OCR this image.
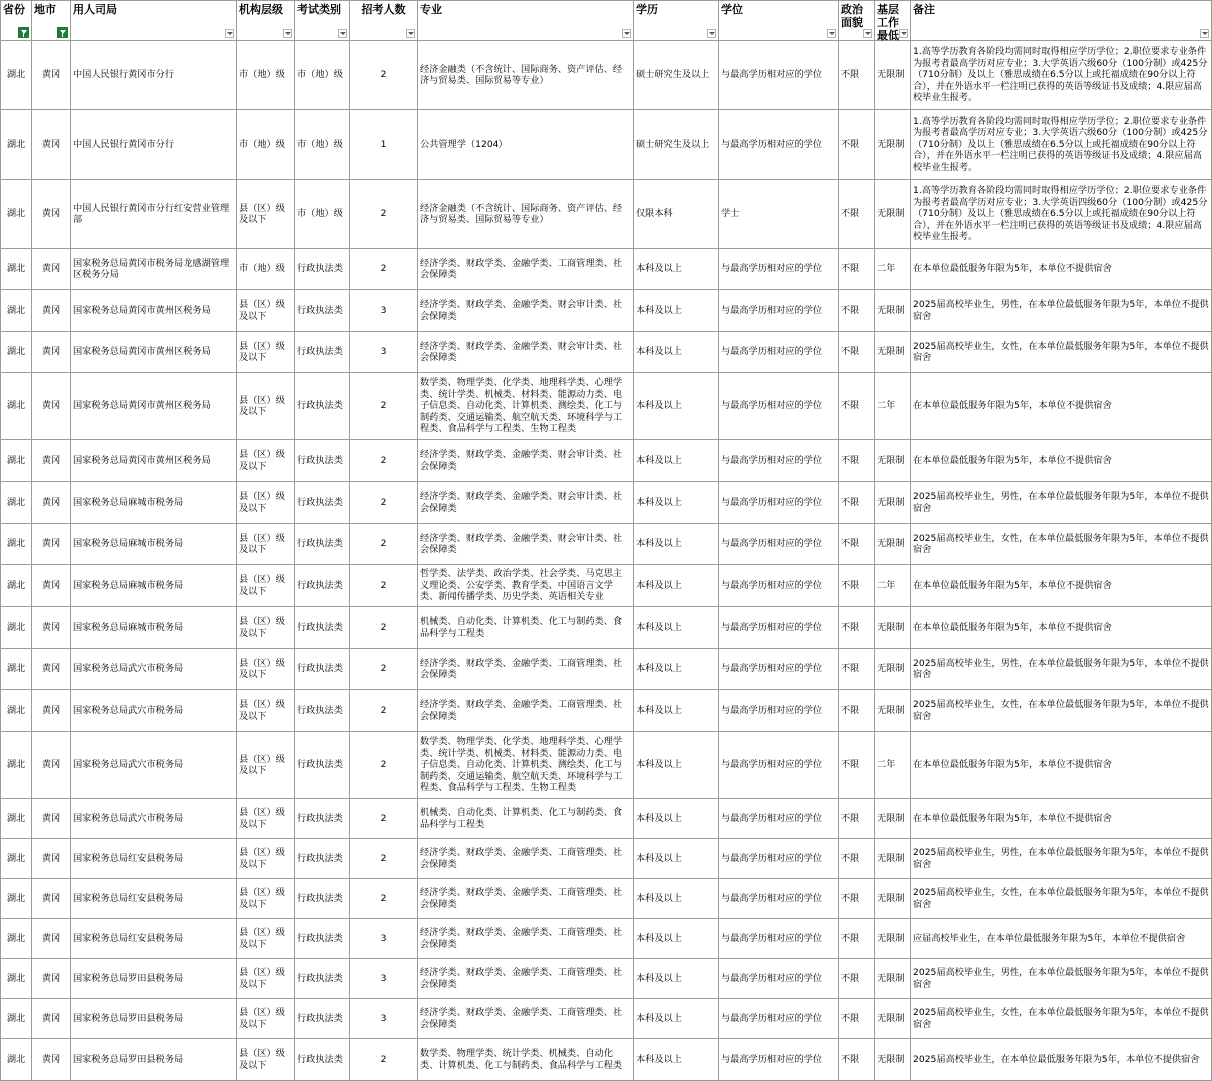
省份	地市	用人司局	机构层级	考试类别	招考人数	专业	学历	学位	政治面貌	基层工作最低	备注

湖北	黄冈	中国人民银行黄冈市分行	市（地）级	市（地）级	2	经济金融类（不含统计、国际商务、资产评估、经济与贸易类、国际贸易等专业）	硕士研究生及以上	与最高学历相对应的学位	不限	无限制	1.高等学历教育各阶段均需同时取得相应学历学位；2.职位要求专业条件为报考者最高学历对应专业；3.大学英语六级60分（100分制）或425分（710分制）及以上（雅思成绩在6.5分以上或托福成绩在90分以上符合），并在外语水平一栏注明已获得的英语等级证书及成绩；4.限应届高校毕业生报考。

湖北	黄冈	中国人民银行黄冈市分行	市（地）级	市（地）级	1	公共管理学（1204）	硕士研究生及以上	与最高学历相对应的学位	不限	无限制	1.高等学历教育各阶段均需同时取得相应学历学位；2.职位要求专业条件为报考者最高学历对应专业；3.大学英语六级60分（100分制）或425分（710分制）及以上（雅思成绩在6.5分以上或托福成绩在90分以上符合），并在外语水平一栏注明已获得的英语等级证书及成绩；4.限应届高校毕业生报考。

湖北	黄冈	中国人民银行黄冈市分行红安营业管理部	县（区）级及以下	市（地）级	2	经济金融类（不含统计、国际商务、资产评估、经济与贸易类、国际贸易等专业）	仅限本科	学士	不限	无限制	1.高等学历教育各阶段均需同时取得相应学历学位；2.职位要求专业条件为报考者最高学历对应专业；3.大学英语四级60分（100分制）或425分（710分制）及以上（雅思成绩在6.5分以上或托福成绩在90分以上符合），并在外语水平一栏注明已获得的英语等级证书及成绩；4.限应届高校毕业生报考。

湖北	黄冈	国家税务总局黄冈市税务局龙感湖管理区税务分局	市（地）级	行政执法类	2	经济学类、财政学类、金融学类、工商管理类、社会保障类	本科及以上	与最高学历相对应的学位	不限	二年	在本单位最低服务年限为5年，本单位不提供宿舍

湖北	黄冈	国家税务总局黄冈市黄州区税务局	县（区）级及以下	行政执法类	3	经济学类、财政学类、金融学类、财会审计类、社会保障类	本科及以上	与最高学历相对应的学位	不限	无限制	2025届高校毕业生，男性，在本单位最低服务年限为5年，本单位不提供宿舍

湖北	黄冈	国家税务总局黄冈市黄州区税务局	县（区）级及以下	行政执法类	3	经济学类、财政学类、金融学类、财会审计类、社会保障类	本科及以上	与最高学历相对应的学位	不限	无限制	2025届高校毕业生，女性，在本单位最低服务年限为5年，本单位不提供宿舍

湖北	黄冈	国家税务总局黄冈市黄州区税务局	县（区）级及以下	行政执法类	2	数学类、物理学类、化学类、地理科学类、心理学类、统计学类、机械类、材料类、能源动力类、电子信息类、自动化类、计算机类、测绘类、化工与制药类、交通运输类、航空航天类、环境科学与工程类、食品科学与工程类、生物工程类	本科及以上	与最高学历相对应的学位	不限	二年	在本单位最低服务年限为5年，本单位不提供宿舍

湖北	黄冈	国家税务总局黄冈市黄州区税务局	县（区）级及以下	行政执法类	2	经济学类、财政学类、金融学类、财会审计类、社会保障类	本科及以上	与最高学历相对应的学位	不限	无限制	在本单位最低服务年限为5年，本单位不提供宿舍

湖北	黄冈	国家税务总局麻城市税务局	县（区）级及以下	行政执法类	2	经济学类、财政学类、金融学类、财会审计类、社会保障类	本科及以上	与最高学历相对应的学位	不限	无限制	2025届高校毕业生，男性，在本单位最低服务年限为5年，本单位不提供宿舍

湖北	黄冈	国家税务总局麻城市税务局	县（区）级及以下	行政执法类	2	经济学类、财政学类、金融学类、财会审计类、社会保障类	本科及以上	与最高学历相对应的学位	不限	无限制	2025届高校毕业生，女性，在本单位最低服务年限为5年，本单位不提供宿舍

湖北	黄冈	国家税务总局麻城市税务局	县（区）级及以下	行政执法类	2	哲学类、法学类、政治学类、社会学类、马克思主义理论类、公安学类、教育学类、中国语言文学类、新闻传播学类、历史学类、英语相关专业	本科及以上	与最高学历相对应的学位	不限	二年	在本单位最低服务年限为5年，本单位不提供宿舍

湖北	黄冈	国家税务总局麻城市税务局	县（区）级及以下	行政执法类	2	机械类、自动化类、计算机类、化工与制药类、食品科学与工程类	本科及以上	与最高学历相对应的学位	不限	无限制	在本单位最低服务年限为5年，本单位不提供宿舍

湖北	黄冈	国家税务总局武穴市税务局	县（区）级及以下	行政执法类	2	经济学类、财政学类、金融学类、工商管理类、社会保障类	本科及以上	与最高学历相对应的学位	不限	无限制	2025届高校毕业生，男性，在本单位最低服务年限为5年，本单位不提供宿舍

湖北	黄冈	国家税务总局武穴市税务局	县（区）级及以下	行政执法类	2	经济学类、财政学类、金融学类、工商管理类、社会保障类	本科及以上	与最高学历相对应的学位	不限	无限制	2025届高校毕业生，女性，在本单位最低服务年限为5年，本单位不提供宿舍

湖北	黄冈	国家税务总局武穴市税务局	县（区）级及以下	行政执法类	2	数学类、物理学类、化学类、地理科学类、心理学类、统计学类、机械类、材料类、能源动力类、电子信息类、自动化类、计算机类、测绘类、化工与制药类、交通运输类、航空航天类、环境科学与工程类、食品科学与工程类、生物工程类	本科及以上	与最高学历相对应的学位	不限	二年	在本单位最低服务年限为5年，本单位不提供宿舍

湖北	黄冈	国家税务总局武穴市税务局	县（区）级及以下	行政执法类	2	机械类、自动化类、计算机类、化工与制药类、食品科学与工程类	本科及以上	与最高学历相对应的学位	不限	无限制	在本单位最低服务年限为5年，本单位不提供宿舍

湖北	黄冈	国家税务总局红安县税务局	县（区）级及以下	行政执法类	2	经济学类、财政学类、金融学类、工商管理类、社会保障类	本科及以上	与最高学历相对应的学位	不限	无限制	2025届高校毕业生，男性，在本单位最低服务年限为5年，本单位不提供宿舍

湖北	黄冈	国家税务总局红安县税务局	县（区）级及以下	行政执法类	2	经济学类、财政学类、金融学类、工商管理类、社会保障类	本科及以上	与最高学历相对应的学位	不限	无限制	2025届高校毕业生，女性，在本单位最低服务年限为5年，本单位不提供宿舍

湖北	黄冈	国家税务总局红安县税务局	县（区）级及以下	行政执法类	3	经济学类、财政学类、金融学类、工商管理类、社会保障类	本科及以上	与最高学历相对应的学位	不限	无限制	应届高校毕业生，在本单位最低服务年限为5年，本单位不提供宿舍

湖北	黄冈	国家税务总局罗田县税务局	县（区）级及以下	行政执法类	3	经济学类、财政学类、金融学类、工商管理类、社会保障类	本科及以上	与最高学历相对应的学位	不限	无限制	2025届高校毕业生，男性，在本单位最低服务年限为5年，本单位不提供宿舍

湖北	黄冈	国家税务总局罗田县税务局	县（区）级及以下	行政执法类	3	经济学类、财政学类、金融学类、工商管理类、社会保障类	本科及以上	与最高学历相对应的学位	不限	无限制	2025届高校毕业生，女性，在本单位最低服务年限为5年，本单位不提供宿舍

湖北	黄冈	国家税务总局罗田县税务局	县（区）级及以下	行政执法类	2	数学类、物理学类、统计学类、机械类、自动化类、计算机类、化工与制药类、食品科学与工程类	本科及以上	与最高学历相对应的学位	不限	无限制	2025届高校毕业生，在本单位最低服务年限为5年，本单位不提供宿舍
